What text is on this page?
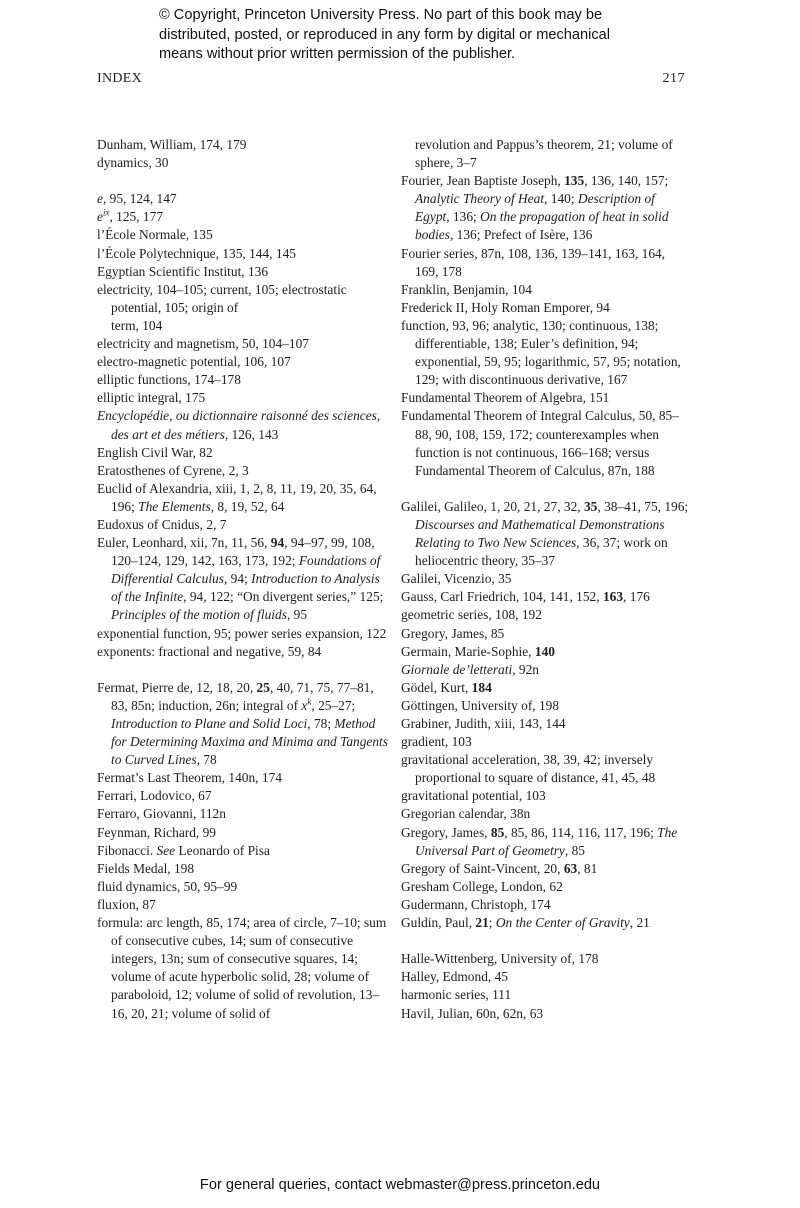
© Copyright, Princeton University Press. No part of this book may be distributed, posted, or reproduced in any form by digital or mechanical means without prior written permission of the publisher.
INDEX	217
Dunham, William, 174, 179
dynamics, 30
e, 95, 124, 147
$e^{ix}$, 125, 177
l’École Normale, 135
l’École Polytechnique, 135, 144, 145
Egyptian Scientific Institut, 136
electricity, 104–105; current, 105; electrostatic potential, 105; origin of
term, 104
electricity and magnetism, 50, 104–107
electro-magnetic potential, 106, 107
elliptic functions, 174–178
elliptic integral, 175
Encyclopédie, ou dictionnaire raisonné des sciences, des art et des métiers, 126, 143
English Civil War, 82
Eratosthenes of Cyrene, 2, 3
Euclid of Alexandria, xiii, 1, 2, 8, 11, 19, 20, 35, 64, 196; The Elements, 8, 19, 52, 64
Eudoxus of Cnidus, 2, 7
Euler, Leonhard, xii, 7n, 11, 56, 94, 94–97, 99, 108, 120–124, 129, 142, 163, 173, 192; Foundations of Differential Calculus, 94; Introduction to Analysis of the Infinite, 94, 122; “On divergent series,” 125; Principles of the motion of fluids, 95
exponential function, 95; power series expansion, 122
exponents: fractional and negative, 59, 84
Fermat, Pierre de, 12, 18, 20, 25, 40, 71, 75, 77–81, 83, 85n; induction, 26n; integral of $x^k$, 25–27; Introduction to Plane and Solid Loci, 78; Method for Determining Maxima and Minima and Tangents to Curved Lines, 78
Fermat’s Last Theorem, 140n, 174
Ferrari, Lodovico, 67
Ferraro, Giovanni, 112n
Feynman, Richard, 99
Fibonacci. See Leonardo of Pisa
Fields Medal, 198
fluid dynamics, 50, 95–99
fluxion, 87
formula: arc length, 85, 174; area of circle, 7–10; sum of consecutive cubes, 14; sum of consecutive integers, 13n; sum of consecutive squares, 14; volume of acute hyperbolic solid, 28; volume of paraboloid, 12; volume of solid of revolution, 13–16, 20, 21; volume of solid of
revolution and Pappus’s theorem, 21; volume of sphere, 3–7
Fourier, Jean Baptiste Joseph, 135, 136, 140, 157; Analytic Theory of Heat, 140; Description of Egypt, 136; On the propagation of heat in solid bodies, 136; Prefect of Isère, 136
Fourier series, 87n, 108, 136, 139–141, 163, 164, 169, 178
Franklin, Benjamin, 104
Frederick II, Holy Roman Emporer, 94
function, 93, 96; analytic, 130; continuous, 138; differentiable, 138; Euler’s definition, 94; exponential, 59, 95; logarithmic, 57, 95; notation, 129; with discontinuous derivative, 167
Fundamental Theorem of Algebra, 151
Fundamental Theorem of Integral Calculus, 50, 85–88, 90, 108, 159, 172; counterexamples when function is not continuous, 166–168; versus Fundamental Theorem of Calculus, 87n, 188
Galilei, Galileo, 1, 20, 21, 27, 32, 35, 38–41, 75, 196; Discourses and Mathematical Demonstrations Relating to Two New Sciences, 36, 37; work on heliocentric theory, 35–37
Galilei, Vicenzio, 35
Gauss, Carl Friedrich, 104, 141, 152, 163, 176
geometric series, 108, 192
Gregory, James, 85
Germain, Marie-Sophie, 140
Giornale de’letterati, 92n
Gödel, Kurt, 184
Göttingen, University of, 198
Grabiner, Judith, xiii, 143, 144
gradient, 103
gravitational acceleration, 38, 39, 42; inversely proportional to square of distance, 41, 45, 48
gravitational potential, 103
Gregorian calendar, 38n
Gregory, James, 85, 85, 86, 114, 116, 117, 196; The Universal Part of Geometry, 85
Gregory of Saint-Vincent, 20, 63, 81
Gresham College, London, 62
Gudermann, Christoph, 174
Guldin, Paul, 21; On the Center of Gravity, 21
Halle-Wittenberg, University of, 178
Halley, Edmond, 45
harmonic series, 111
Havil, Julian, 60n, 62n, 63
For general queries, contact webmaster@press.princeton.edu
